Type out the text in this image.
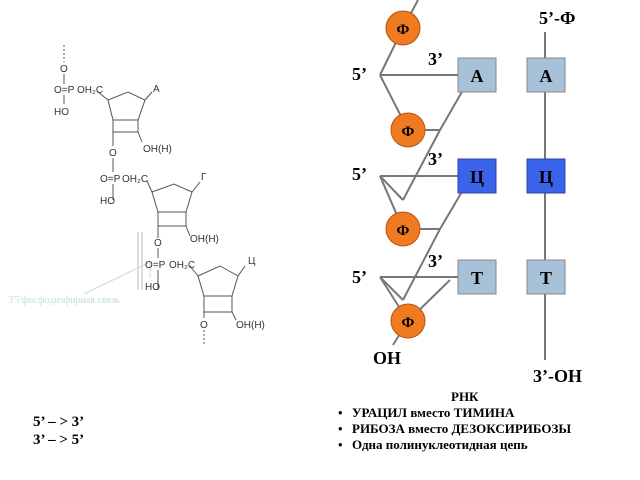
O
O=P OH₂C
HO
A
OH(H)
O
O=P OH₂C
HO
Г
OH(H)
O
O=P OH₂C
HO
Ц
OH(H)
O
3'5'фосфодиэфирная связь
Ф
Ф
Ф
Ф
А
Ц
Т
А
Ц
Т
5’
3’
5’
3’
5’
3’
OH
5’-Ф
3’-OH
5’ – > 3’
3’ – > 5’

РНК

• УРАЦИЛ вместо ТИМИНА
• РИБОЗА вместо ДЕЗОКСИРИБОЗЫ
• Одна полинуклеотидная цепь
